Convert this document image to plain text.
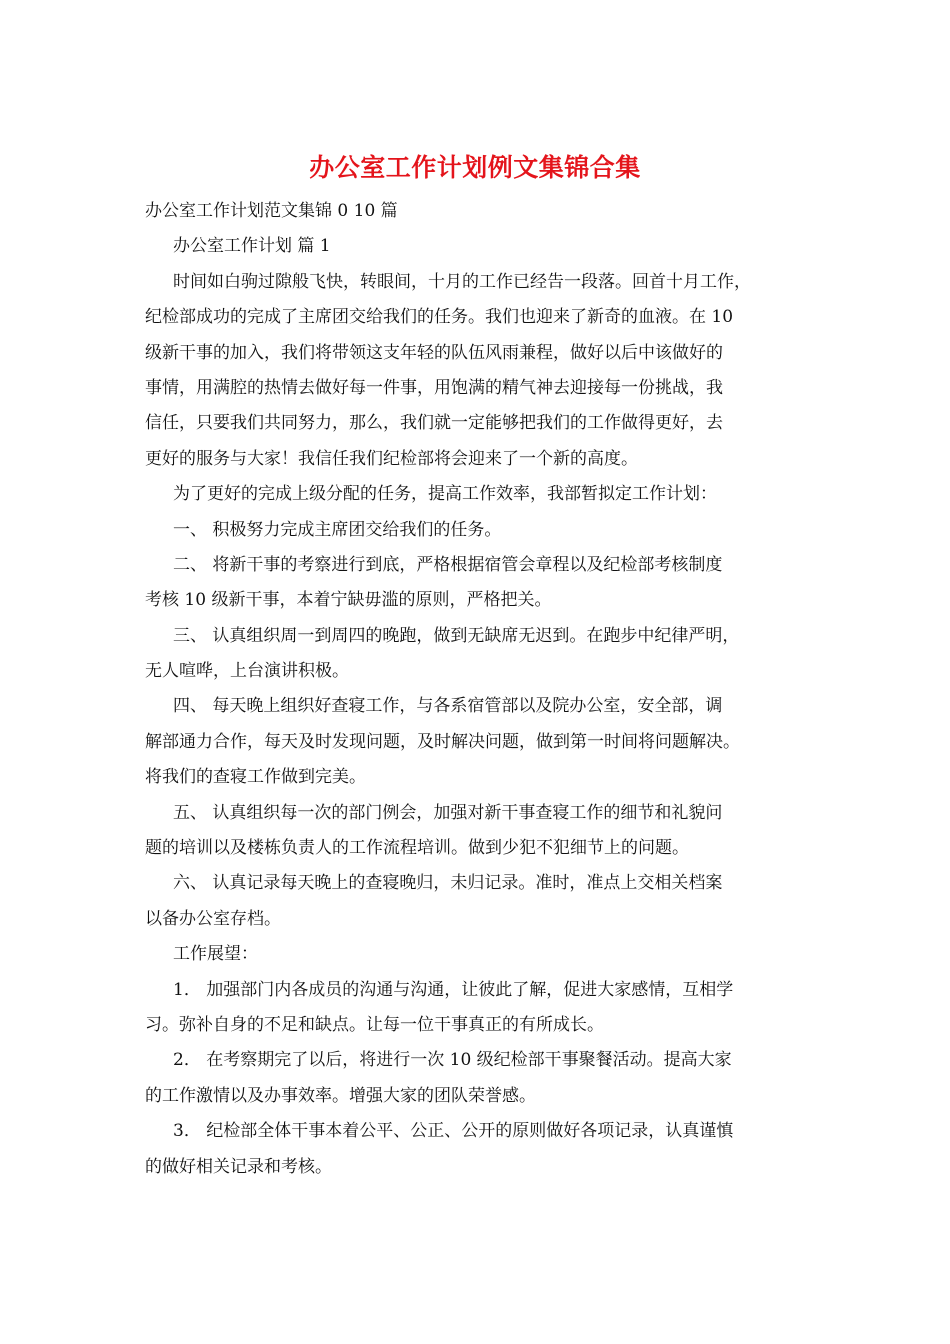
办公室工作计划例文集锦合集
办公室工作计划范文集锦 0 10 篇
办公室工作计划 篇 1
时间如白驹过隙般飞快，转眼间，十月的工作已经告一段落。回首十月工作，
纪检部成功的完成了主席团交给我们的任务。我们也迎来了新奇的血液。在 10
级新干事的加入，我们将带领这支年轻的队伍风雨兼程，做好以后中该做好的
事情，用满腔的热情去做好每一件事，用饱满的精气神去迎接每一份挑战，我
信任，只要我们共同努力，那么，我们就一定能够把我们的工作做得更好，去
更好的服务与大家！我信任我们纪检部将会迎来了一个新的高度。
为了更好的完成上级分配的任务，提高工作效率，我部暂拟定工作计划：
一、 积极努力完成主席团交给我们的任务。
二、 将新干事的考察进行到底，严格根据宿管会章程以及纪检部考核制度
考核 10 级新干事，本着宁缺毋滥的原则，严格把关。
三、 认真组织周一到周四的晚跑，做到无缺席无迟到。在跑步中纪律严明，
无人喧哗，上台演讲积极。
四、 每天晚上组织好查寝工作，与各系宿管部以及院办公室，安全部，调
解部通力合作，每天及时发现问题，及时解决问题，做到第一时间将问题解决。
将我们的查寝工作做到完美。
五、 认真组织每一次的部门例会，加强对新干事查寝工作的细节和礼貌问
题的培训以及楼栋负责人的工作流程培训。做到少犯不犯细节上的问题。
六、 认真记录每天晚上的查寝晚归，未归记录。准时，准点上交相关档案
以备办公室存档。
工作展望：
1． 加强部门内各成员的沟通与沟通，让彼此了解，促进大家感情，互相学
习。弥补自身的不足和缺点。让每一位干事真正的有所成长。
2． 在考察期完了以后，将进行一次 10 级纪检部干事聚餐活动。提高大家
的工作激情以及办事效率。增强大家的团队荣誉感。
3． 纪检部全体干事本着公平、公正、公开的原则做好各项记录，认真谨慎
的做好相关记录和考核。
